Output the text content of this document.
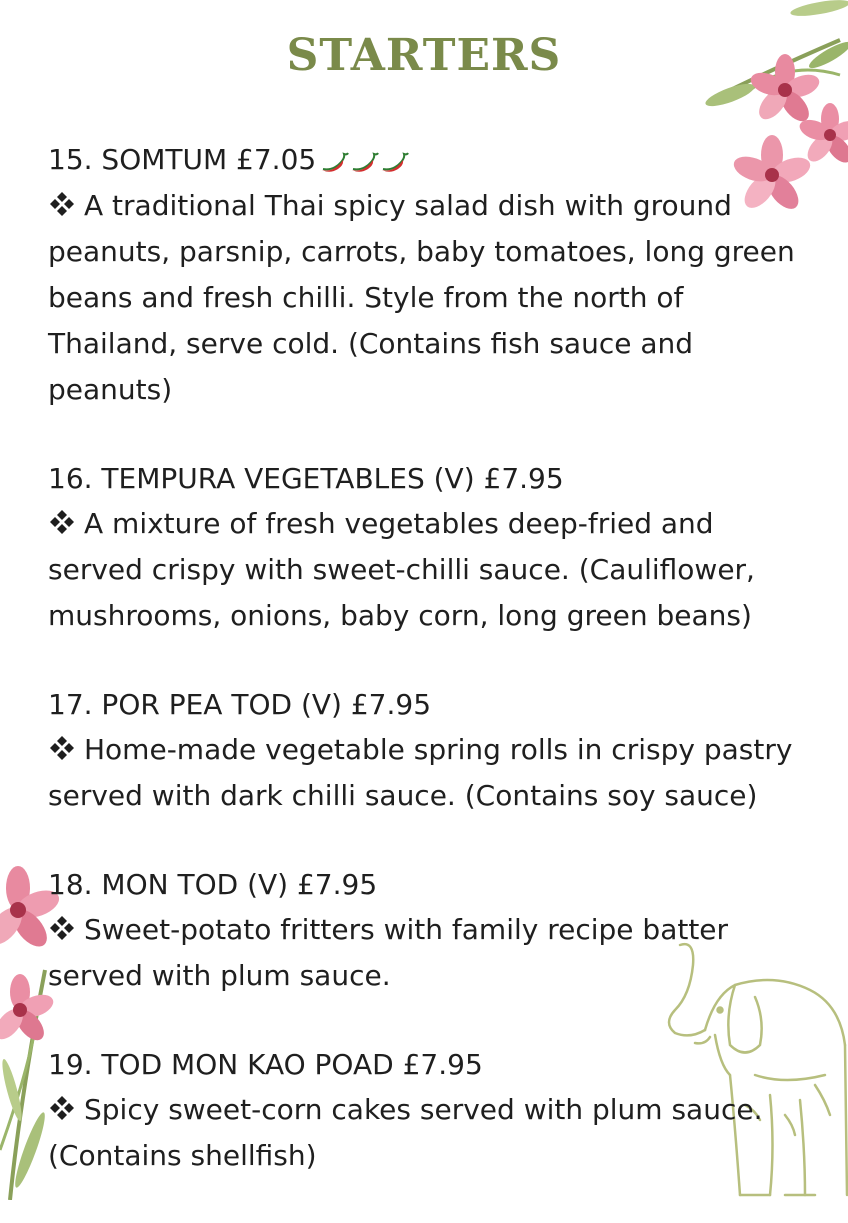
STARTERS
15. SOMTUM £7.05
A traditional Thai spicy salad dish with ground peanuts, parsnip, carrots, baby tomatoes, long green beans and fresh chilli. Style from the north of Thailand, serve cold. (Contains fish sauce and peanuts)
16. TEMPURA VEGETABLES (V) £7.95
A mixture of fresh vegetables deep-fried and served crispy with sweet-chilli sauce. (Cauliflower, mushrooms, onions, baby corn, long green beans)
17. POR PEA TOD (V) £7.95
Home-made vegetable spring rolls in crispy pastry served with dark chilli sauce. (Contains soy sauce)
18. MON TOD (V) £7.95
Sweet-potato fritters with family recipe batter served with plum sauce.
19. TOD MON KAO POAD £7.95
Spicy sweet-corn cakes served with plum sauce. (Contains shellfish)
